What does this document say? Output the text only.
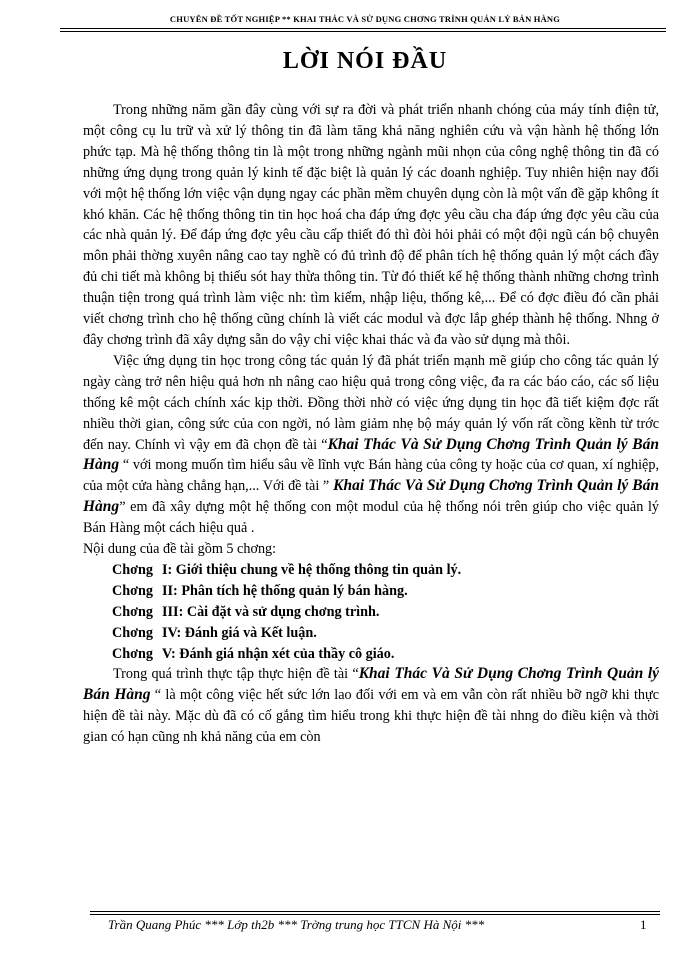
CHUYÊN ĐỀ TỐT NGHIỆP ** KHAI THÁC VÀ SỬ DỤNG CHƠNG TRÌNH QUẢN LÝ BÁN HÀNG
LỜI NÓI ĐẦU

Trong những năm gần đây cùng với sự ra đời và phát triển nhanh chóng của máy tính điện tử, một công cụ lu trữ và xử lý thông tin đã làm tăng khả năng nghiên cứu và vận hành hệ thống lớn phức tạp. Mà hệ thống thông tin là một trong những ngành mũi nhọn của công nghệ thông tin đã có những ứng dụng trong quản lý kinh tế đặc biệt là quản lý các doanh nghiệp. Tuy nhiên hiện nay đối với một hệ thống lớn việc vận dụng ngay các phần mềm chuyên dụng còn là một vấn đề gặp không ít khó khăn. Các hệ thống thông tin tin học hoá cha đáp ứng đợc yêu cầu cha đáp ứng đợc yêu cầu của các nhà quản lý. Để đáp ứng đợc yêu cầu cấp thiết đó thì đòi hỏi phải có một đội ngũ cán bộ chuyên môn phải thờng xuyên nâng cao tay nghề có đủ trình độ để phân tích hệ thống quản lý một cách đầy đủ chi tiết mà không bị thiếu sót hay thừa thông tin. Từ đó thiết kế hệ thống thành những chơng trình thuận tiện trong quá trình làm việc nh: tìm kiếm, nhập liệu, thống kê,... Để có đợc điều đó cần phải viết chơng trình cho hệ thống cũng chính là viết các modul và đợc lắp ghép thành hệ thống. Nhng ở đây chơng trình đã xây dựng sẵn do vậy chỉ việc khai thác và đa vào sử dụng mà thôi.

Việc ứng dụng tin học trong công tác quản lý đã phát triển mạnh mẽ giúp cho công tác quản lý ngày càng trở nên hiệu quả hơn nh nâng cao hiệu quả trong công việc, đa ra các báo cáo, các số liệu thống kê một cách chính xác kịp thời. Đồng thời nhờ có việc ứng dụng tin học đã tiết kiệm đợc rất nhiều thời gian, công sức của con ngời, nó làm giảm nhẹ bộ máy quản lý vốn rất cồng kềnh từ trớc đến nay. Chính vì vậy em đã chọn đề tài “Khai Thác Và Sử Dụng Chơng Trình Quản lý Bán Hàng “ với mong muốn tìm hiểu sâu về lĩnh vực Bán hàng của công ty hoặc của cơ quan, xí nghiệp, của một cửa hàng chẳng hạn,... Với đề tài ” Khai Thác Và Sử Dụng Chơng Trình Quản lý Bán Hàng” em đã xây dựng một hệ thống con một modul của hệ thống nói trên giúp cho việc quản lý Bán Hàng một cách hiệu quả .

Nội dung của đề tài gồm 5 chơng:

Chơng I: Giới thiệu chung về hệ thống thông tin quản lý.
Chơng II: Phân tích hệ thống quản lý bán hàng.
Chơng III: Cài đặt và sử dụng chơng trình.
Chơng IV: Đánh giá và Kết luận.
Chơng V: Đánh giá nhận xét của thầy cô giáo.

Trong quá trình thực tập thực hiện đề tài “Khai Thác Và Sử Dụng Chơng Trình Quản lý Bán Hàng “ là một công việc hết sức lớn lao đối với em và em vẫn còn rất nhiều bỡ ngỡ khi thực hiện đề tài này. Mặc dù đã có cố gắng tìm hiểu trong khi thực hiện đề tài nhng do điều kiện và thời gian có hạn cũng nh khả năng của em còn

Trần Quang Phúc *** Lớp th2b *** Trờng trung học TTCN Hà Nội ***	1
